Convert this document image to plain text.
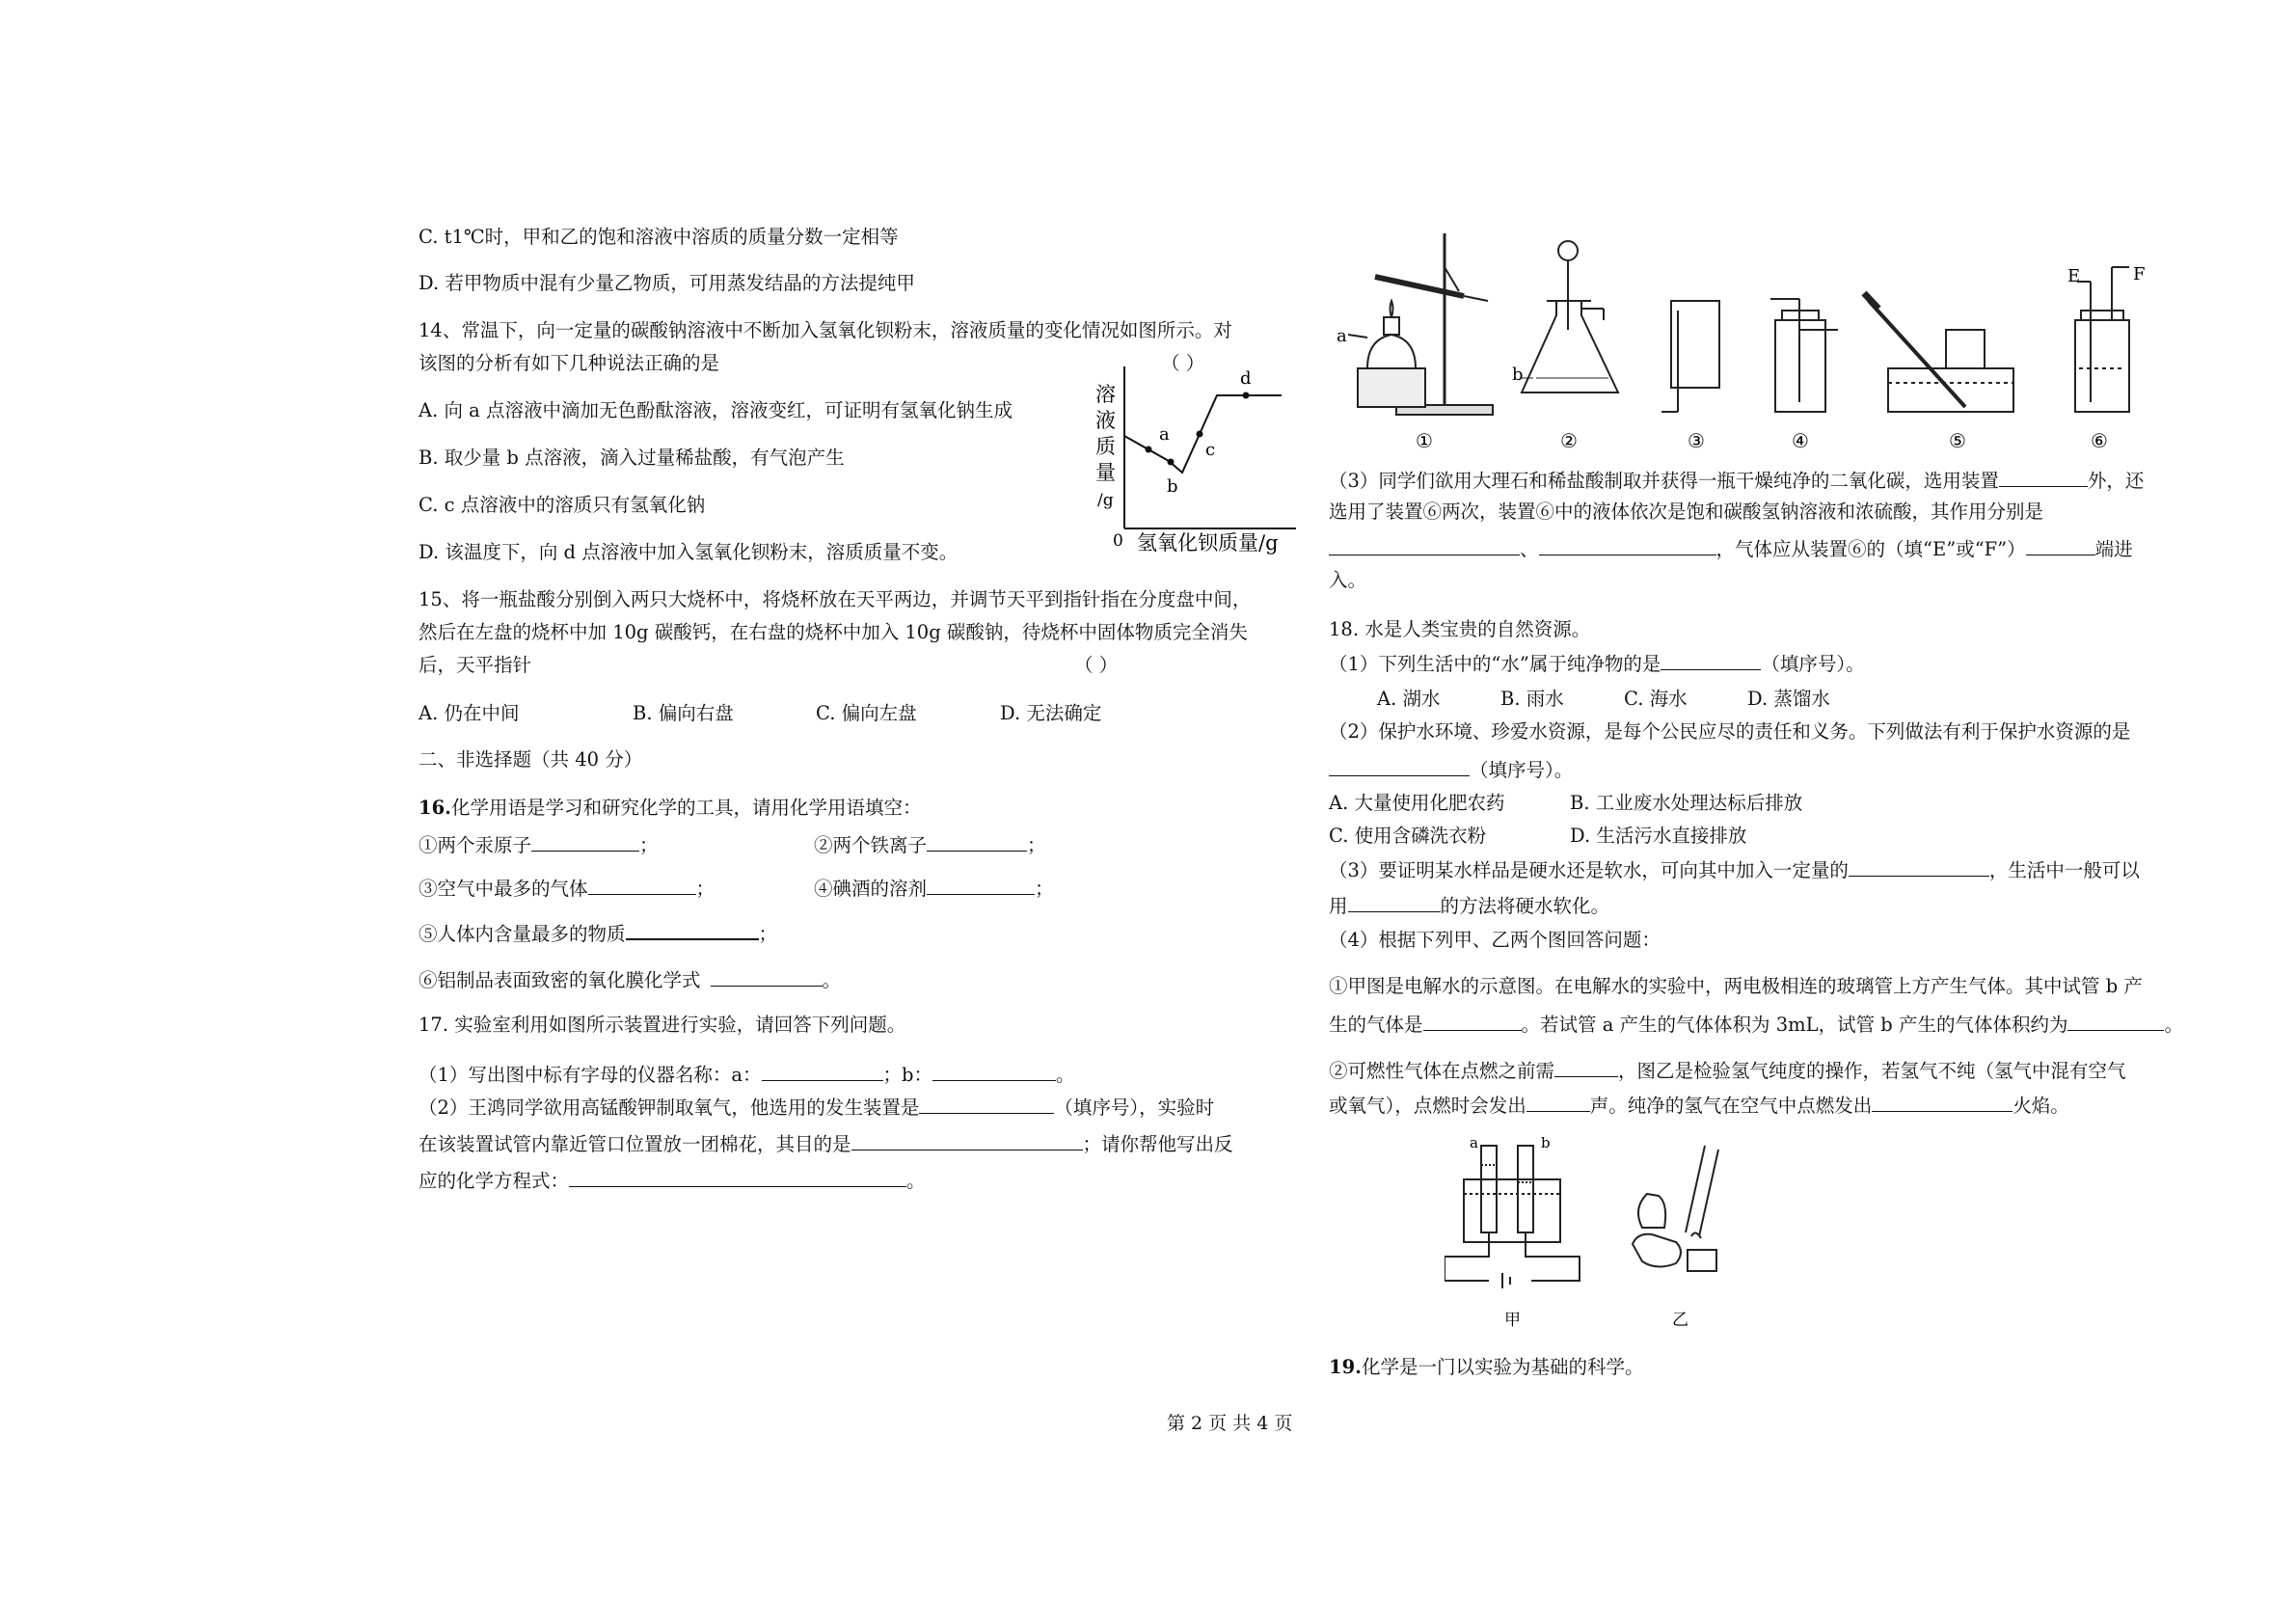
C. t1℃时，甲和乙的饱和溶液中溶质的质量分数一定相等
D. 若甲物质中混有少量乙物质，可用蒸发结晶的方法提纯甲
14、常温下，向一定量的碳酸钠溶液中不断加入氢氧化钡粉末，溶液质量的变化情况如图所示。对
该图的分析有如下几种说法正确的是	（ ）
A. 向 a 点溶液中滴加无色酚酞溶液，溶液变红，可证明有氢氧化钠生成
B. 取少量 b 点溶液，滴入过量稀盐酸，有气泡产生
C. c 点溶液中的溶质只有氢氧化钠
D. 该温度下，向 d 点溶液中加入氢氧化钡粉末，溶质质量不变。
a
b
c
d
溶
液
质
量
/g
0 氢氧化钡质量/g
15、将一瓶盐酸分别倒入两只大烧杯中，将烧杯放在天平两边，并调节天平到指针指在分度盘中间，
然后在左盘的烧杯中加 10g 碳酸钙，在右盘的烧杯中加入 10g 碳酸钠，待烧杯中固体物质完全消失
后，天平指针	（ ）
A. 仍在中间	B. 偏向右盘	C. 偏向左盘	D. 无法确定
二、非选择题（共 40 分）
16.化学用语是学习和研究化学的工具，请用化学用语填空：
①两个汞原子	；	②两个铁离子	；
③空气中最多的气体	；	④碘酒的溶剂	；
⑤人体内含量最多的物质	；
⑥铝制品表面致密的氧化膜化学式	。
17. 实验室利用如图所示装置进行实验，请回答下列问题。
（1）写出图中标有字母的仪器名称：a：	；b：	。
（2）王鸿同学欲用高锰酸钾制取氧气，他选用的发生装置是	（填序号），实验时
在该装置试管内靠近管口位置放一团棉花，其目的是	；请你帮他写出反
应的化学方程式：	。
a
b
E	F
①	②	③	④	⑤	⑥
（3）同学们欲用大理石和稀盐酸制取并获得一瓶干燥纯净的二氧化碳，选用装置	外，还
选用了装置⑥两次，装置⑥中的液体依次是饱和碳酸氢钠溶液和浓硫酸，其作用分别是
、	，气体应从装置⑥的（填“E”或“F”）	端进
入。
18. 水是人类宝贵的自然资源。
（1）下列生活中的“水”属于纯净物的是	（填序号）。
A. 湖水	B. 雨水	C. 海水	D. 蒸馏水
（2）保护水环境、珍爱水资源，是每个公民应尽的责任和义务。下列做法有利于保护水资源的是
（填序号）。
A. 大量使用化肥农药	B. 工业废水处理达标后排放
C. 使用含磷洗衣粉	D. 生活污水直接排放
（3）要证明某水样品是硬水还是软水，可向其中加入一定量的	，生活中一般可以
用	的方法将硬水软化。
（4）根据下列甲、乙两个图回答问题：
①甲图是电解水的示意图。在电解水的实验中，两电极相连的玻璃管上方产生气体。其中试管 b 产
生的气体是	。若试管 a 产生的气体体积为 3mL，试管 b 产生的气体体积约为	。
②可燃性气体在点燃之前需	，图乙是检验氢气纯度的操作，若氢气不纯（氢气中混有空气
或氧气），点燃时会发出	声。纯净的氢气在空气中点燃发出	火焰。
a	b
甲	乙
19.化学是一门以实验为基础的科学。
第 2 页 共 4 页
